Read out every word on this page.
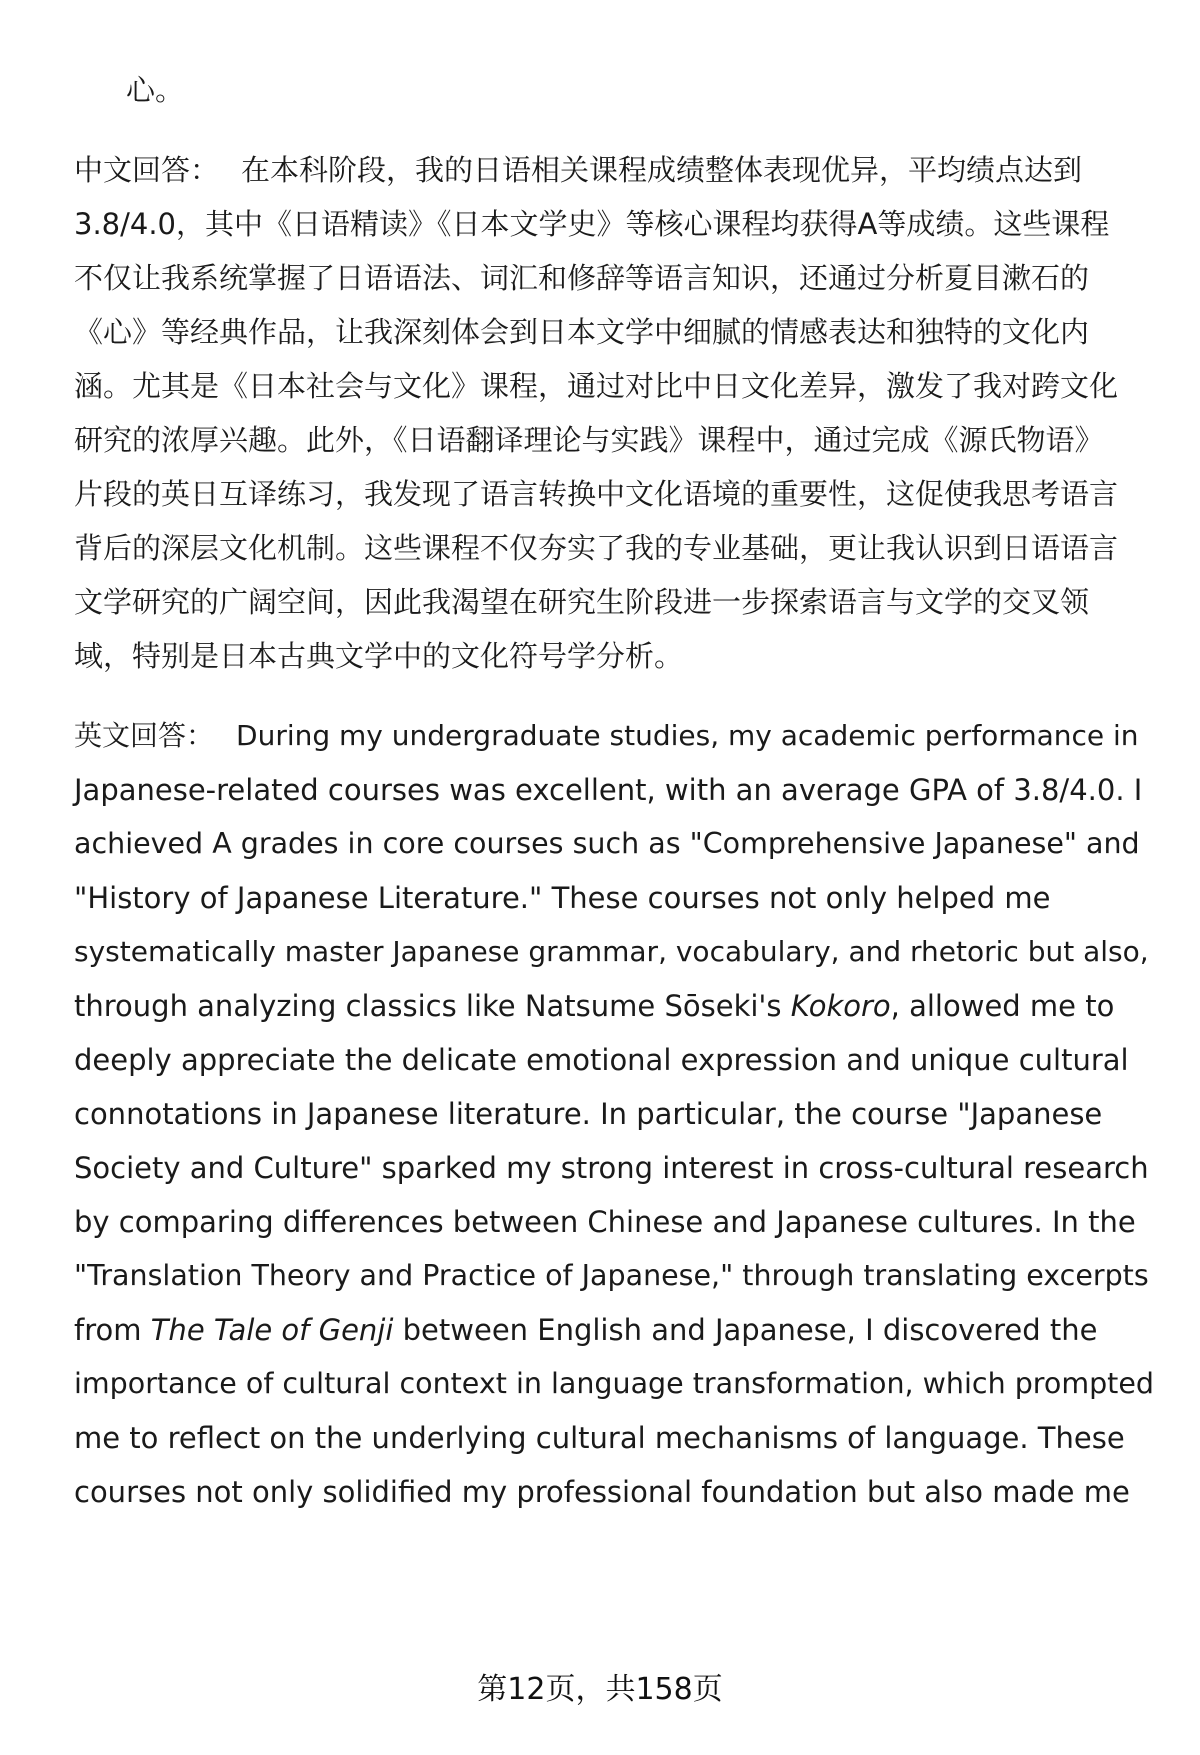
心。
中文回答： 在本科阶段，我的日语相关课程成绩整体表现优异，平均绩点达到
3.8/4.0，其中《日语精读》《日本文学史》等核心课程均获得A等成绩。这些课程
不仅让我系统掌握了日语语法、词汇和修辞等语言知识，还通过分析夏目漱石的
《心》等经典作品，让我深刻体会到日本文学中细腻的情感表达和独特的文化内
涵。尤其是《日本社会与文化》课程，通过对比中日文化差异，激发了我对跨文化
研究的浓厚兴趣。此外，《日语翻译理论与实践》课程中，通过完成《源氏物语》
片段的英日互译练习，我发现了语言转换中文化语境的重要性，这促使我思考语言
背后的深层文化机制。这些课程不仅夯实了我的专业基础，更让我认识到日语语言
文学研究的广阔空间，因此我渴望在研究生阶段进一步探索语言与文学的交叉领
域，特别是日本古典文学中的文化符号学分析。
英文回答： During my undergraduate studies, my academic performance in
Japanese-related courses was excellent, with an average GPA of 3.8/4.0. I
achieved A grades in core courses such as "Comprehensive Japanese" and
"History of Japanese Literature." These courses not only helped me
systematically master Japanese grammar, vocabulary, and rhetoric but also,
through analyzing classics like Natsume Sōseki's Kokoro, allowed me to
deeply appreciate the delicate emotional expression and unique cultural
connotations in Japanese literature. In particular, the course "Japanese
Society and Culture" sparked my strong interest in cross-cultural research
by comparing differences between Chinese and Japanese cultures. In the
"Translation Theory and Practice of Japanese," through translating excerpts
from The Tale of Genji between English and Japanese, I discovered the
importance of cultural context in language transformation, which prompted
me to reflect on the underlying cultural mechanisms of language. These
courses not only solidified my professional foundation but also made me
第12页，共158页
